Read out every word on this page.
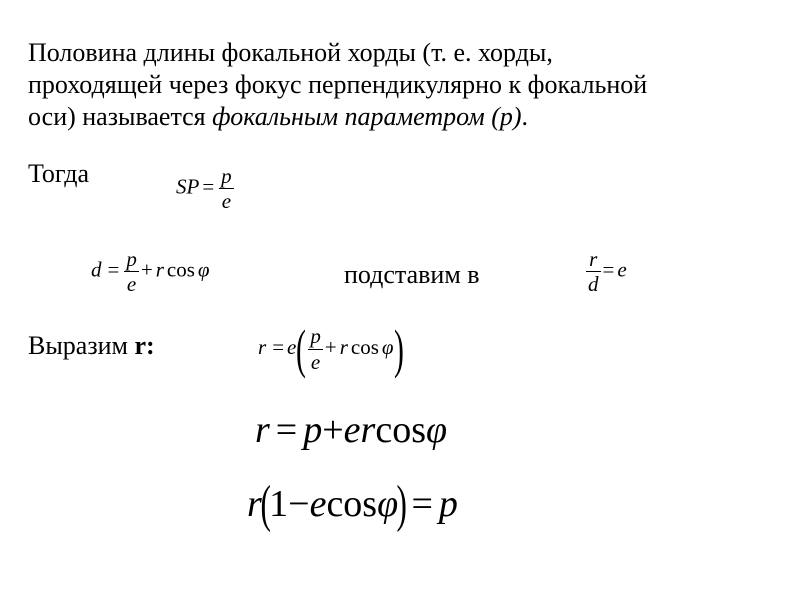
Половина длины фокальной хорды (т. е. хорды,
проходящей через фокус перпендикулярно к фокальной
оси) называется фокальным параметром (p).
Тогда	SP = $\frac{p}{e}$
$d = \frac{p}{e} + r$ cos φ	подставим в	$\frac{r}{d} = e$
Выразим r:	$r = e( \frac{p}{e} + r$ cos φ)
r = p+ercosφ
r(1−ecosφ) = p
